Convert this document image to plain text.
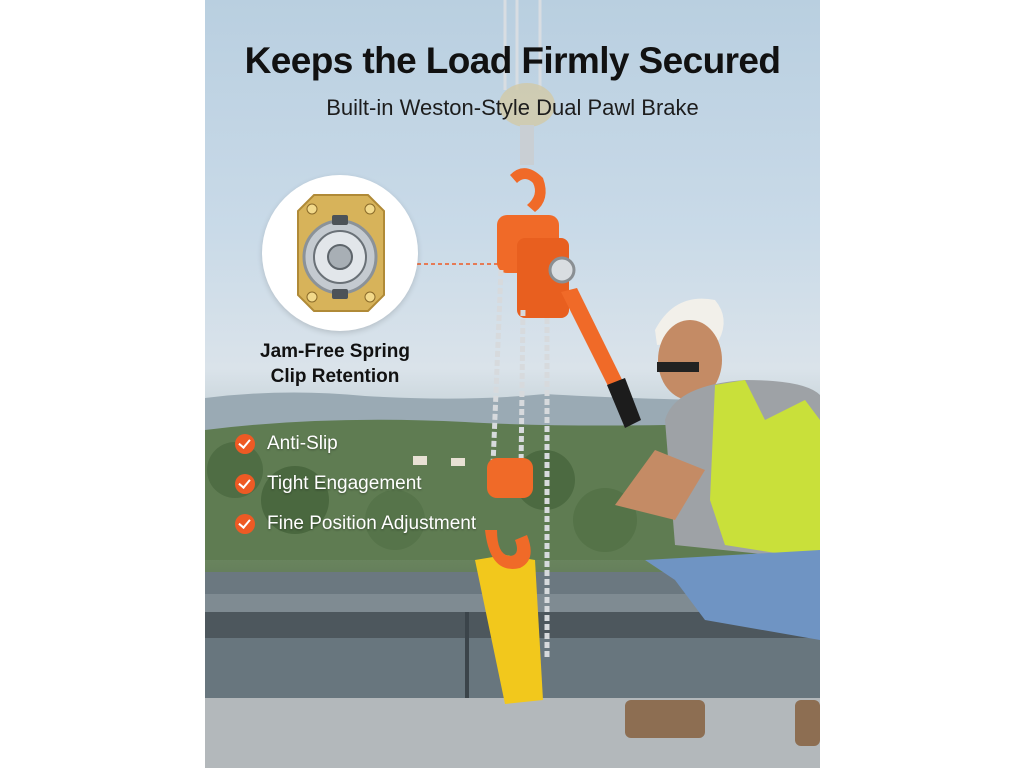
Keeps the Load Firmly Secured

Built-in Weston-Style Dual Pawl Brake

Jam-Free Spring
Clip Retention
Anti-Slip
Tight Engagement
Fine Position Adjustment
